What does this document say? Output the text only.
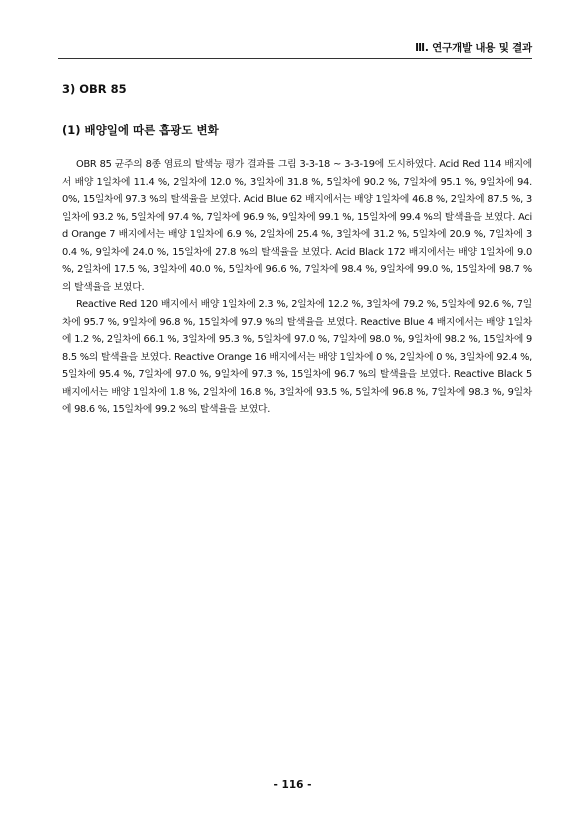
Ⅲ. 연구개발 내용 및 결과
3) OBR 85
(1) 배양일에 따른 흡광도 변화

OBR 85 균주의 8종 염료의 탈색능 평가 결과를 그림 3-3-18 ~ 3-3-19에 도시하였다. Acid Red 114 배지에서 배양 1일차에 11.4 %, 2일차에 12.0 %, 3일차에 31.8 %, 5일차에 90.2 %, 7일차에 95.1 %, 9일차에 94.0%, 15일차에 97.3 %의 탈색율을 보였다. Acid Blue 62 배지에서는 배양 1일차에 46.8 %, 2일차에 87.5 %, 3일차에 93.2 %, 5일차에 97.4 %, 7일차에 96.9 %, 9일차에 99.1 %, 15일차에 99.4 %의 탈색율을 보였다. Acid Orange 7 배지에서는 배양 1일차에 6.9 %, 2일차에 25.4 %, 3일차에 31.2 %, 5일차에 20.9 %, 7일차에 30.4 %, 9일차에 24.0 %, 15일차에 27.8 %의 탈색율을 보였다. Acid Black 172 배지에서는 배양 1일차에 9.0 %, 2일차에 17.5 %, 3일차에 40.0 %, 5일차에 96.6 %, 7일차에 98.4 %, 9일차에 99.0 %, 15일차에 98.7 %의 탈색율을 보였다.

Reactive Red 120 배지에서 배양 1일차에 2.3 %, 2일차에 12.2 %, 3일차에 79.2 %, 5일차에 92.6 %, 7일차에 95.7 %, 9일차에 96.8 %, 15일차에 97.9 %의 탈색율을 보였다. Reactive Blue 4 배지에서는 배양 1일차에 1.2 %, 2일차에 66.1 %, 3일차에 95.3 %, 5일차에 97.0 %, 7일차에 98.0 %, 9일차에 98.2 %, 15일차에 98.5 %의 탈색율을 보였다. Reactive Orange 16 배지에서는 배양 1일차에 0 %, 2일차에 0 %, 3일차에 92.4 %, 5일차에 95.4 %, 7일차에 97.0 %, 9일차에 97.3 %, 15일차에 96.7 %의 탈색율을 보였다. Reactive Black 5 배지에서는 배양 1일차에 1.8 %, 2일차에 16.8 %, 3일차에 93.5 %, 5일차에 96.8 %, 7일차에 98.3 %, 9일차에 98.6 %, 15일차에 99.2 %의 탈색율을 보였다.

- 116 -
